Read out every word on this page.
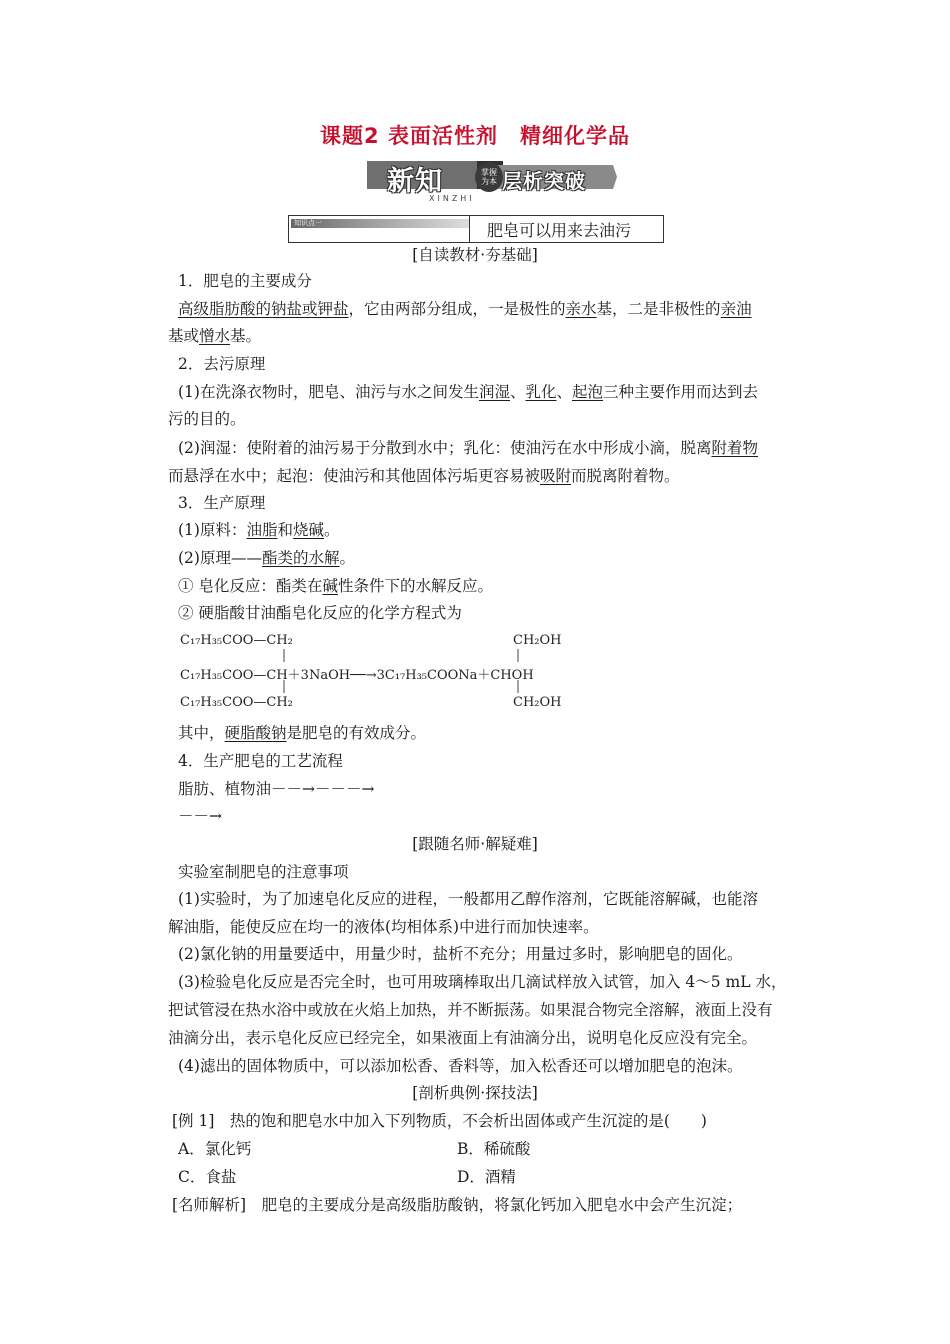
课题2 表面活性剂 精细化学品
新知	掌握 为本 层析突破
XINZHI
知识点一	肥皂可以用来去油污
[自读教材·夯基础]
1．肥皂的主要成分
高级脂肪酸的钠盐或钾盐，它由两部分组成，一是极性的亲水基，二是非极性的亲油
基或憎水基。
2．去污原理
(1)在洗涤衣物时，肥皂、油污与水之间发生润湿、乳化、起泡三种主要作用而达到去
污的目的。
(2)润湿：使附着的油污易于分散到水中；乳化：使油污在水中形成小滴，脱离附着物
而悬浮在水中；起泡：使油污和其他固体污垢更容易被吸附而脱离附着物。
3．生产原理
(1)原料：油脂和烧碱。
(2)原理——酯类的水解。
① 皂化反应：酯类在碱性条件下的水解反应。
② 硬脂酸甘油酯皂化反应的化学方程式为
C₁₇H₃₅COO—CH₂
C₁₇H₃₅COO—CH＋3NaOH──→3C₁₇H₃₅COONa＋CHOH
C₁₇H₃₅COO—CH₂
CH₂OH
CH₂OH
其中，硬脂酸钠是肥皂的有效成分。
4．生产肥皂的工艺流程
脂肪、植物油－－→－－－→
－－→
[跟随名师·解疑难]
实验室制肥皂的注意事项
(1)实验时，为了加速皂化反应的进程，一般都用乙醇作溶剂，它既能溶解碱，也能溶
解油脂，能使反应在均一的液体(均相体系)中进行而加快速率。
(2)氯化钠的用量要适中，用量少时，盐析不充分；用量过多时，影响肥皂的固化。
(3)检验皂化反应是否完全时，也可用玻璃棒取出几滴试样放入试管，加入 4～5 mL 水，
把试管浸在热水浴中或放在火焰上加热，并不断振荡。如果混合物完全溶解，液面上没有
油滴分出，表示皂化反应已经完全，如果液面上有油滴分出，说明皂化反应没有完全。
(4)滤出的固体物质中，可以添加松香、香料等，加入松香还可以增加肥皂的泡沫。
[剖析典例·探技法]
[例 1]　热的饱和肥皂水中加入下列物质，不会析出固体或产生沉淀的是(　　)
A．氯化钙	B．稀硫酸
C．食盐	D．酒精
[名师解析]　肥皂的主要成分是高级脂肪酸钠，将氯化钙加入肥皂水中会产生沉淀；
